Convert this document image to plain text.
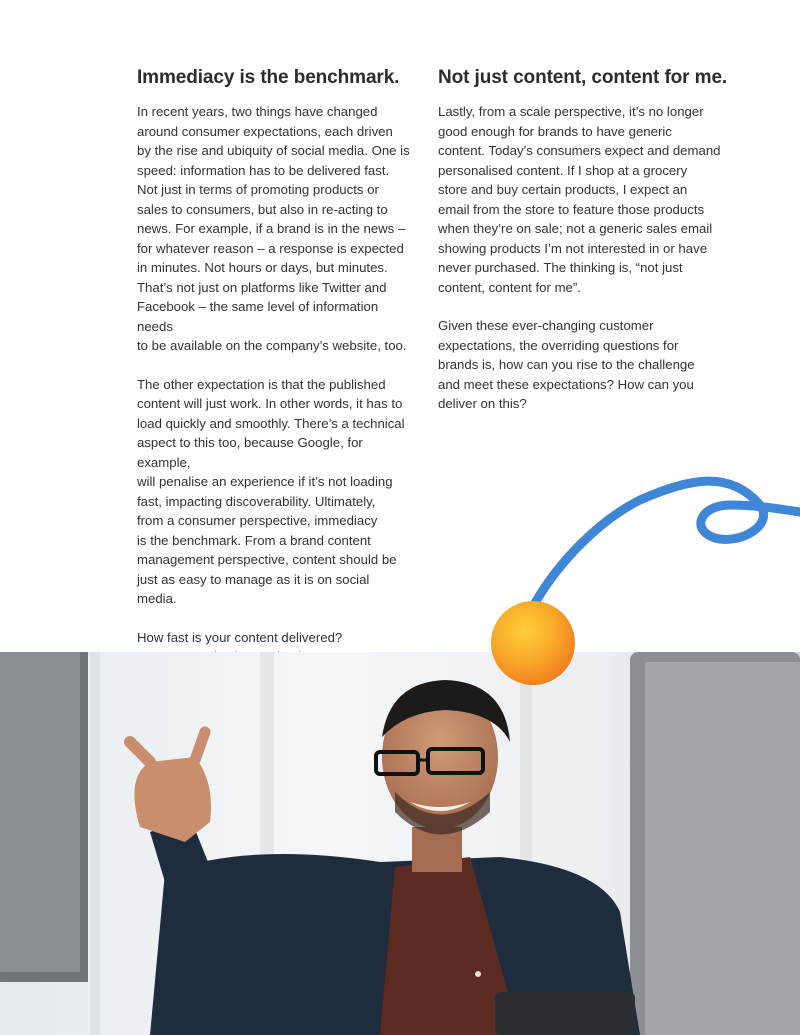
Immediacy is the benchmark.

In recent years, two things have changed
around consumer expectations, each driven
by the rise and ubiquity of social media. One is
speed: information has to be delivered fast.
Not just in terms of promoting products or
sales to consumers, but also in re-acting to
news. For example, if a brand is in the news –
for whatever reason – a response is expected
in minutes. Not hours or days, but minutes.
That’s not just on platforms like Twitter and
Facebook – the same level of information needs
to be available on the company’s website, too.

The other expectation is that the published
content will just work. In other words, it has to
load quickly and smoothly. There’s a technical
aspect to this too, because Google, for example,
will penalise an experience if it’s not loading
fast, impacting discoverability. Ultimately,
from a consumer perspective, immediacy
is the benchmark. From a brand content
management perspective, content should be
just as easy to manage as it is on social media.

How fast is your content delivered?

Not just content, content for me.

Lastly, from a scale perspective, it’s no longer
good enough for brands to have generic
content. Today’s consumers expect and demand
personalised content. If I shop at a grocery
store and buy certain products, I expect an
email from the store to feature those products
when they’re on sale; not a generic sales email
showing products I’m not interested in or have
never purchased. The thinking is, “not just
content, content for me”.

Given these ever-changing customer
expectations, the overriding questions for
brands is, how can you rise to the challenge
and meet these expectations? How can you
deliver on this?
